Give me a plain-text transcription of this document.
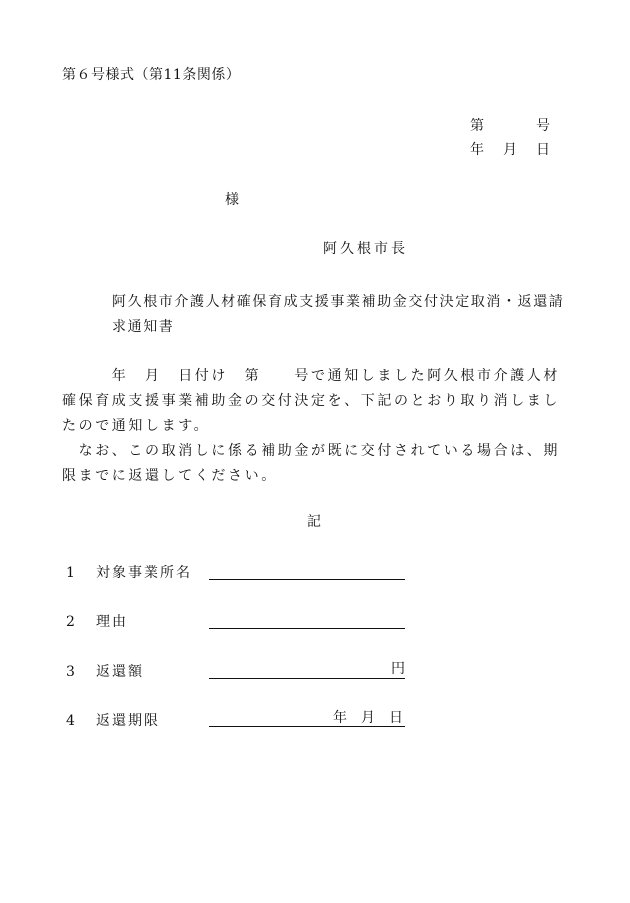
第６号様式（第11条関係）
第	号
年 月 日
様
阿久根市長
阿久根市介護人材確保育成支援事業補助金交付決定取消・返還請求通知書

　　　年　月　日付け　第　　号で通知しました阿久根市介護人材確保育成支援事業補助金の交付決定を、下記のとおり取り消しましたので通知します。

　なお、この取消しに係る補助金が既に交付されている場合は、期限までに返還してください。

記
1 対象事業所名
2 理由
3 返還額	円
4 返還期限	年 月 日
